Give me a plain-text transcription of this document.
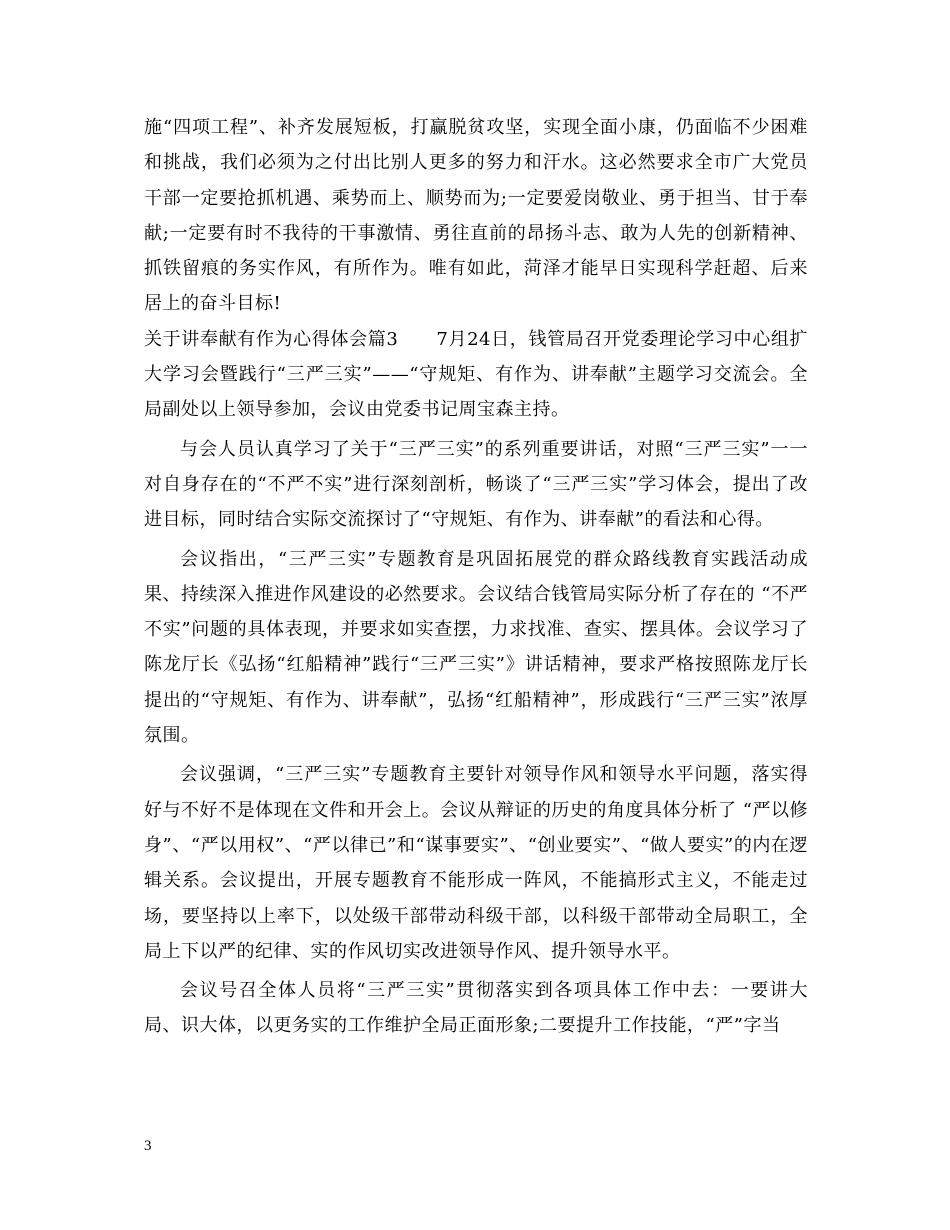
施“四项工程”、补齐发展短板，打赢脱贫攻坚，实现全面小康，仍面临不少困难和挑战，我们必须为之付出比别人更多的努力和汗水。这必然要求全市广大党员干部一定要抢抓机遇、乘势而上、顺势而为;一定要爱岗敬业、勇于担当、甘于奉献;一定要有时不我待的干事激情、勇往直前的昂扬斗志、敢为人先的创新精神、抓铁留痕的务实作风，有所作为。唯有如此，菏泽才能早日实现科学赶超、后来居上的奋斗目标!

关于讲奉献有作为心得体会篇3 7月24日，钱管局召开党委理论学习中心组扩大学习会暨践行“三严三实”——“守规矩、有作为、讲奉献”主题学习交流会。全局副处以上领导参加，会议由党委书记周宝森主持。

与会人员认真学习了关于“三严三实”的系列重要讲话，对照“三严三实”一一对自身存在的“不严不实”进行深刻剖析，畅谈了“三严三实”学习体会，提出了改进目标，同时结合实际交流探讨了“守规矩、有作为、讲奉献”的看法和心得。

会议指出，“三严三实”专题教育是巩固拓展党的群众路线教育实践活动成果、持续深入推进作风建设的必然要求。会议结合钱管局实际分析了存在的 “不严不实”问题的具体表现，并要求如实查摆，力求找准、查实、摆具体。会议学习了陈龙厅长《弘扬“红船精神”践行“三严三实”》讲话精神，要求严格按照陈龙厅长提出的“守规矩、有作为、讲奉献”，弘扬“红船精神”，形成践行“三严三实”浓厚氛围。

会议强调，“三严三实”专题教育主要针对领导作风和领导水平问题，落实得好与不好不是体现在文件和开会上。会议从辩证的历史的角度具体分析了 “严以修身”、“严以用权”、“严以律已”和“谋事要实”、“创业要实”、“做人要实”的内在逻辑关系。会议提出，开展专题教育不能形成一阵风，不能搞形式主义，不能走过场，要坚持以上率下，以处级干部带动科级干部，以科级干部带动全局职工，全局上下以严的纪律、实的作风切实改进领导作风、提升领导水平。

会议号召全体人员将“三严三实”贯彻落实到各项具体工作中去：一要讲大局、识大体，以更务实的工作维护全局正面形象;二要提升工作技能，“严”字当

3
